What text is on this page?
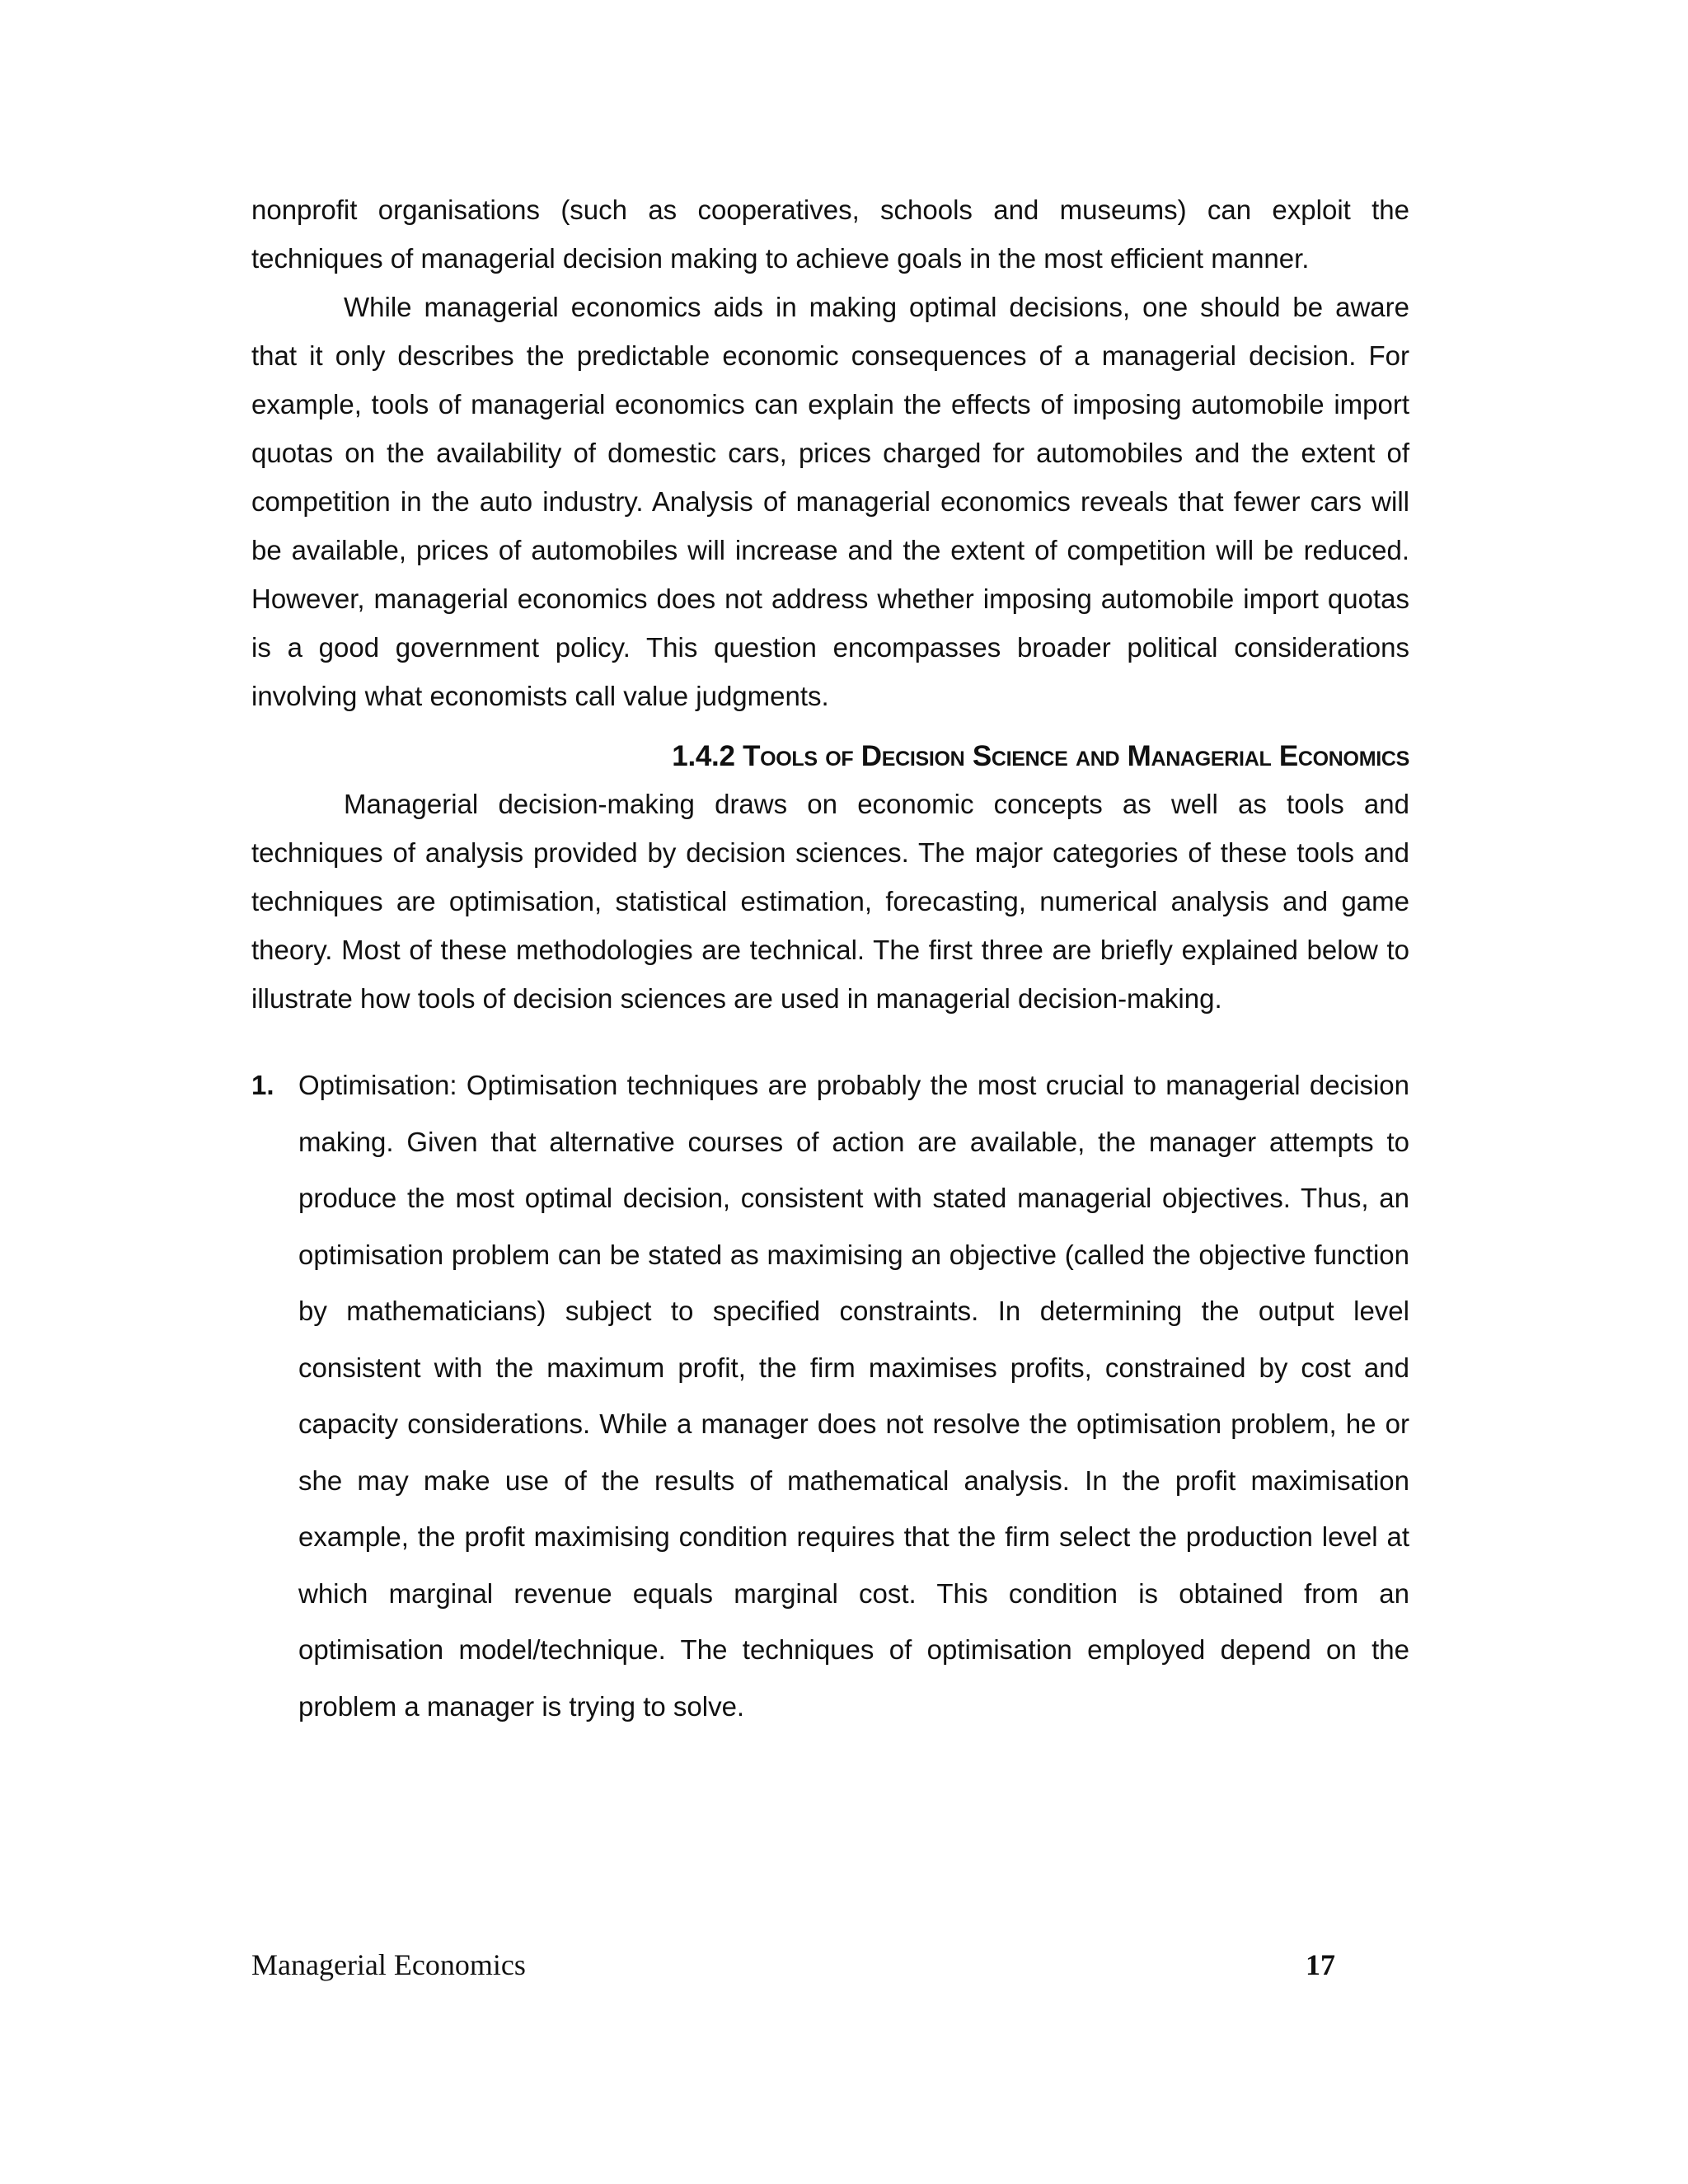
nonprofit organisations (such as cooperatives, schools and museums) can exploit the techniques of managerial decision making to achieve goals in the most efficient manner.

While managerial economics aids in making optimal decisions, one should be aware that it only describes the predictable economic consequences of a managerial decision. For example, tools of managerial economics can explain the effects of imposing automobile import quotas on the availability of domestic cars, prices charged for automobiles and the extent of competition in the auto industry. Analysis of managerial economics reveals that fewer cars will be available, prices of automobiles will increase and the extent of competition will be reduced. However, managerial economics does not address whether imposing automobile import quotas is a good government policy. This question encompasses broader political considerations involving what economists call value judgments.

1.4.2 Tools of Decision Science and Managerial Economics

Managerial decision-making draws on economic concepts as well as tools and techniques of analysis provided by decision sciences. The major categories of these tools and techniques are optimisation, statistical estimation, forecasting, numerical analysis and game theory. Most of these methodologies are technical. The first three are briefly explained below to illustrate how tools of decision sciences are used in managerial decision-making.

1. Optimisation: Optimisation techniques are probably the most crucial to managerial decision making. Given that alternative courses of action are available, the manager attempts to produce the most optimal decision, consistent with stated managerial objectives. Thus, an optimisation problem can be stated as maximising an objective (called the objective function by mathematicians) subject to specified constraints. In determining the output level consistent with the maximum profit, the firm maximises profits, constrained by cost and capacity considerations. While a manager does not resolve the optimisation problem, he or she may make use of the results of mathematical analysis. In the profit maximisation example, the profit maximising condition requires that the firm select the production level at which marginal revenue equals marginal cost. This condition is obtained from an optimisation model/technique. The techniques of optimisation employed depend on the problem a manager is trying to solve.
Managerial Economics	17
